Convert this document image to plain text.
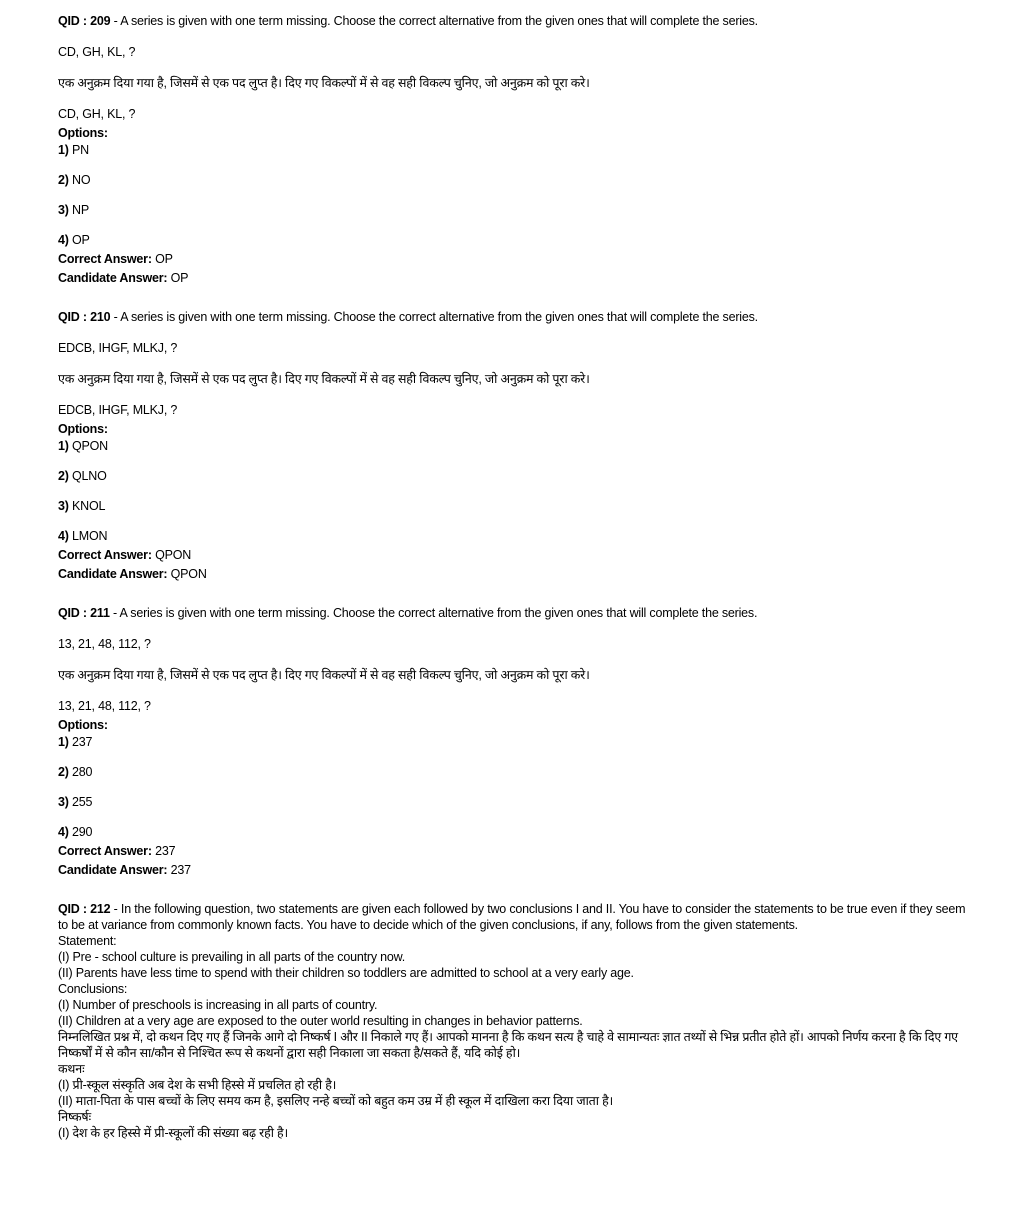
QID : 209 - A series is given with one term missing. Choose the correct alternative from the given ones that will complete the series.

CD, GH, KL, ?

एक अनुक्रम दिया गया है, जिसमें से एक पद लुप्त है। दिए गए विकल्पों में से वह सही विकल्प चुनिए, जो अनुक्रम को पूरा करे।

CD, GH, KL, ?

Options:

1) PN

2) NO

3) NP

4) OP

Correct Answer: OP

Candidate Answer: OP

QID : 210 - A series is given with one term missing. Choose the correct alternative from the given ones that will complete the series.

EDCB, IHGF, MLKJ, ?

एक अनुक्रम दिया गया है, जिसमें से एक पद लुप्त है। दिए गए विकल्पों में से वह सही विकल्प चुनिए, जो अनुक्रम को पूरा करे।

EDCB, IHGF, MLKJ, ?

Options:

1) QPON

2) QLNO

3) KNOL

4) LMON

Correct Answer: QPON

Candidate Answer: QPON

QID : 211 - A series is given with one term missing. Choose the correct alternative from the given ones that will complete the series.

13, 21, 48, 112, ?

एक अनुक्रम दिया गया है, जिसमें से एक पद लुप्त है। दिए गए विकल्पों में से वह सही विकल्प चुनिए, जो अनुक्रम को पूरा करे।

13, 21, 48, 112, ?

Options:

1) 237

2) 280

3) 255

4) 290

Correct Answer: 237

Candidate Answer: 237

QID : 212 - In the following question, two statements are given each followed by two conclusions I and II. You have to consider the statements to be true even if they seem to be at variance from commonly known facts. You have to decide which of the given conclusions, if any, follows from the given statements.

Statement:

(I) Pre - school culture is prevailing in all parts of the country now.

(II) Parents have less time to spend with their children so toddlers are admitted to school at a very early age.

Conclusions:

(I) Number of preschools is increasing in all parts of country.

(II) Children at a very age are exposed to the outer world resulting in changes in behavior patterns.

निम्नलिखित प्रश्न में, दो कथन दिए गए हैं जिनके आगे दो निष्कर्ष I और II निकाले गए हैं। आपको मानना है कि कथन सत्य है चाहे वे सामान्यतः ज्ञात तथ्यों से भिन्न प्रतीत होते हों। आपको निर्णय करना है कि दिए गए निष्कर्षों में से कौन सा/कौन से निश्चित रूप से कथनों द्वारा सही निकाला जा सकता है/सकते हैं, यदि कोई हो।

कथनः

(I) प्री-स्कूल संस्कृति अब देश के सभी हिस्से में प्रचलित हो रही है।

(II) माता-पिता के पास बच्चों के लिए समय कम है, इसलिए नन्हे बच्चों को बहुत कम उम्र में ही स्कूल में दाखिला करा दिया जाता है।

निष्कर्षः

(I) देश के हर हिस्से में प्री-स्कूलों की संख्या बढ़ रही है।
